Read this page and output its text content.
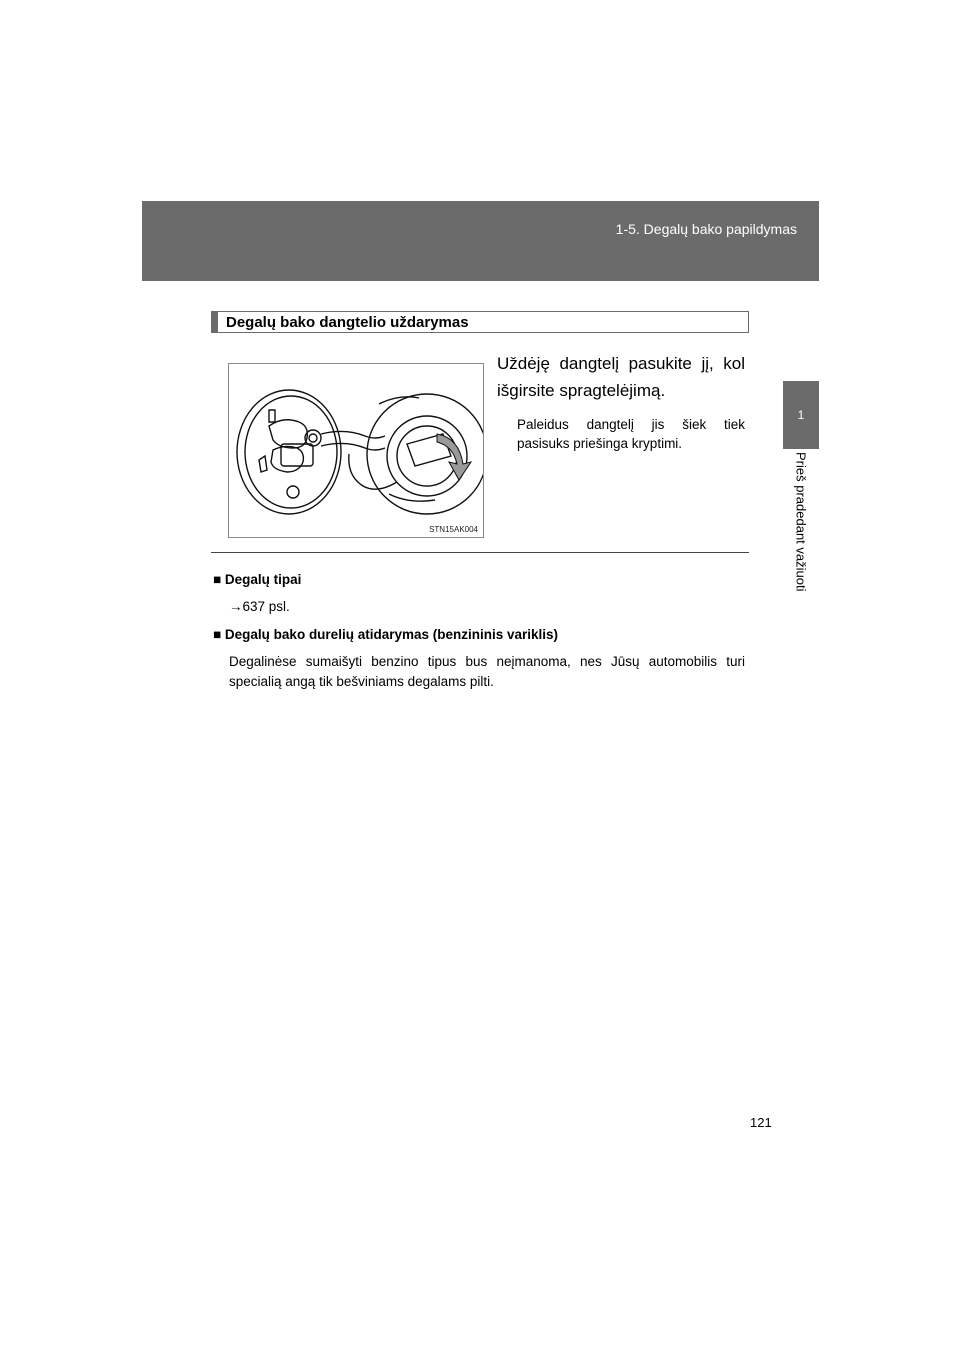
1-5. Degalų bako papildymas
1
Prieš pradedant važiuoti
Degalų bako dangtelio uždarymas
STN15AK004
Uždėję dangtelį pasukite jį, kol išgirsite spragtelėjimą.
Paleidus dangtelį jis šiek tiek pasisuks priešinga kryptimi.
■ Degalų tipai
→637 psl.
■ Degalų bako durelių atidarymas (benzininis variklis)
Degalinėse sumaišyti benzino tipus bus neįmanoma, nes Jūsų automobilis turi specialią angą tik bešviniams degalams pilti.
121
